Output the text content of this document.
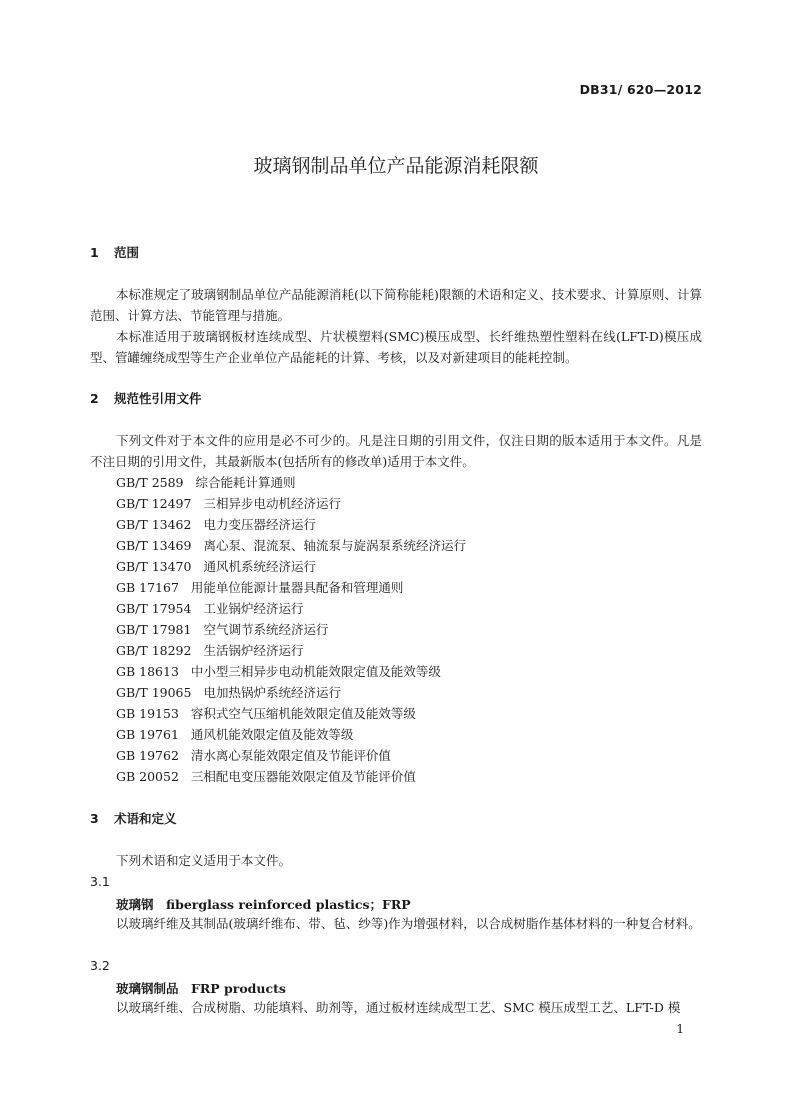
DB31/ 620—2012
玻璃钢制品单位产品能源消耗限额
1 范围
本标准规定了玻璃钢制品单位产品能源消耗(以下简称能耗)限额的术语和定义、技术要求、计算原则、计算范围、计算方法、节能管理与措施。
本标准适用于玻璃钢板材连续成型、片状模塑料(SMC)模压成型、长纤维热塑性塑料在线(LFT-D)模压成型、管罐缠绕成型等生产企业单位产品能耗的计算、考核，以及对新建项目的能耗控制。
2 规范性引用文件
下列文件对于本文件的应用是必不可少的。凡是注日期的引用文件，仅注日期的版本适用于本文件。凡是不注日期的引用文件，其最新版本(包括所有的修改单)适用于本文件。
GB/T 2589 综合能耗计算通则
GB/T 12497 三相异步电动机经济运行
GB/T 13462 电力变压器经济运行
GB/T 13469 离心泵、混流泵、轴流泵与旋涡泵系统经济运行
GB/T 13470 通风机系统经济运行
GB 17167 用能单位能源计量器具配备和管理通则
GB/T 17954 工业锅炉经济运行
GB/T 17981 空气调节系统经济运行
GB/T 18292 生活锅炉经济运行
GB 18613 中小型三相异步电动机能效限定值及能效等级
GB/T 19065 电加热锅炉系统经济运行
GB 19153 容积式空气压缩机能效限定值及能效等级
GB 19761 通风机能效限定值及能效等级
GB 19762 清水离心泵能效限定值及节能评价值
GB 20052 三相配电变压器能效限定值及节能评价值
3 术语和定义
下列术语和定义适用于本文件。
3.1
玻璃钢　fiberglass reinforced plastics；FRP
以玻璃纤维及其制品(玻璃纤维布、带、毡、纱等)作为增强材料，以合成树脂作基体材料的一种复合材料。
3.2
玻璃钢制品　FRP products
以玻璃纤维、合成树脂、功能填料、助剂等，通过板材连续成型工艺、SMC 模压成型工艺、LFT-D 模
1
